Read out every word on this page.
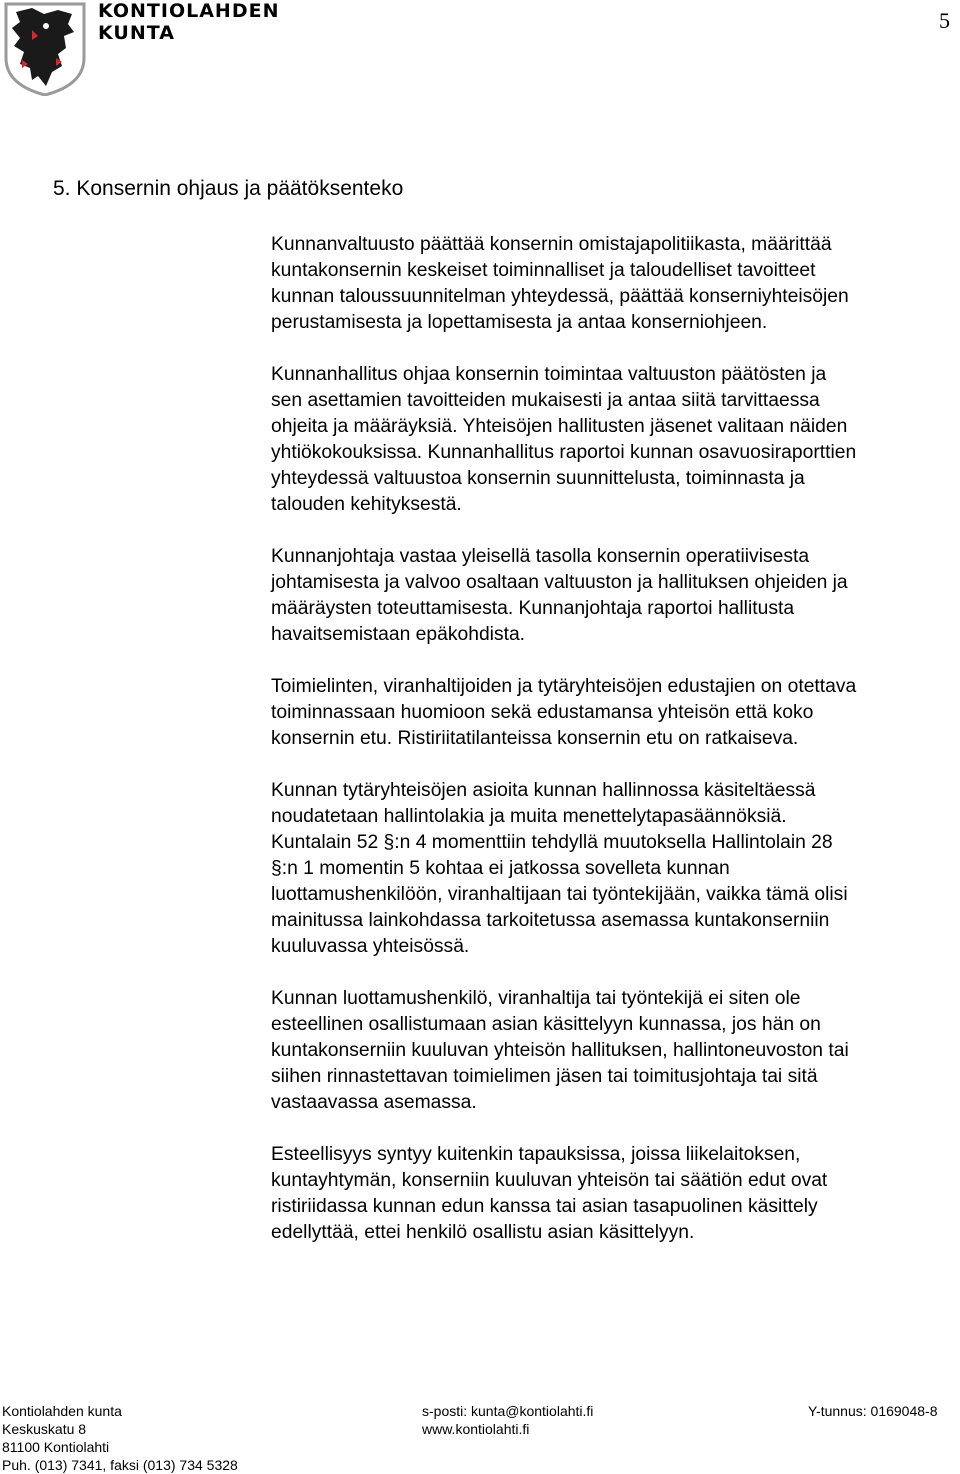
KONTIOLAHDEN
KUNTA	5
5. Konsernin ohjaus ja päätöksenteko

Kunnanvaltuusto päättää konsernin omistajapolitiikasta, määrittää
kuntakonsernin keskeiset toiminnalliset ja taloudelliset tavoitteet
kunnan taloussuunnitelman yhteydessä, päättää konserniyhteisöjen
perustamisesta ja lopettamisesta ja antaa konserniohjeen.

Kunnanhallitus ohjaa konsernin toimintaa valtuuston päätösten ja
sen asettamien tavoitteiden mukaisesti ja antaa siitä tarvittaessa
ohjeita ja määräyksiä. Yhteisöjen hallitusten jäsenet valitaan näiden
yhtiökokouksissa. Kunnanhallitus raportoi kunnan osavuosiraporttien
yhteydessä valtuustoa konsernin suunnittelusta, toiminnasta ja
talouden kehityksestä.

Kunnanjohtaja vastaa yleisellä tasolla konsernin operatiivisesta
johtamisesta ja valvoo osaltaan valtuuston ja hallituksen ohjeiden ja
määräysten toteuttamisesta. Kunnanjohtaja raportoi hallitusta
havaitsemistaan epäkohdista.

Toimielinten, viranhaltijoiden ja tytäryhteisöjen edustajien on otettava
toiminnassaan huomioon sekä edustamansa yhteisön että koko
konsernin etu. Ristiriitatilanteissa konsernin etu on ratkaiseva.

Kunnan tytäryhteisöjen asioita kunnan hallinnossa käsiteltäessä
noudatetaan hallintolakia ja muita menettelytapasäännöksiä.
Kuntalain 52 §:n 4 momenttiin tehdyllä muutoksella Hallintolain 28
§:n 1 momentin 5 kohtaa ei jatkossa sovelleta kunnan
luottamushenkilöön, viranhaltijaan tai työntekijään, vaikka tämä olisi
mainitussa lainkohdassa tarkoitetussa asemassa kuntakonserniin
kuuluvassa yhteisössä.

Kunnan luottamushenkilö, viranhaltija tai työntekijä ei siten ole
esteellinen osallistumaan asian käsittelyyn kunnassa, jos hän on
kuntakonserniin kuuluvan yhteisön hallituksen, hallintoneuvoston tai
siihen rinnastettavan toimielimen jäsen tai toimitusjohtaja tai sitä
vastaavassa asemassa.

Esteellisyys syntyy kuitenkin tapauksissa, joissa liikelaitoksen,
kuntayhtymän, konserniin kuuluvan yhteisön tai säätiön edut ovat
ristiriidassa kunnan edun kanssa tai asian tasapuolinen käsittely
edellyttää, ettei henkilö osallistu asian käsittelyyn.

Kontiolahden kunta
Keskuskatu 8
81100 Kontiolahti
Puh. (013) 7341, faksi (013) 734 5328
s-posti: kunta@kontiolahti.fi
www.kontiolahti.fi
Y-tunnus: 0169048-8
